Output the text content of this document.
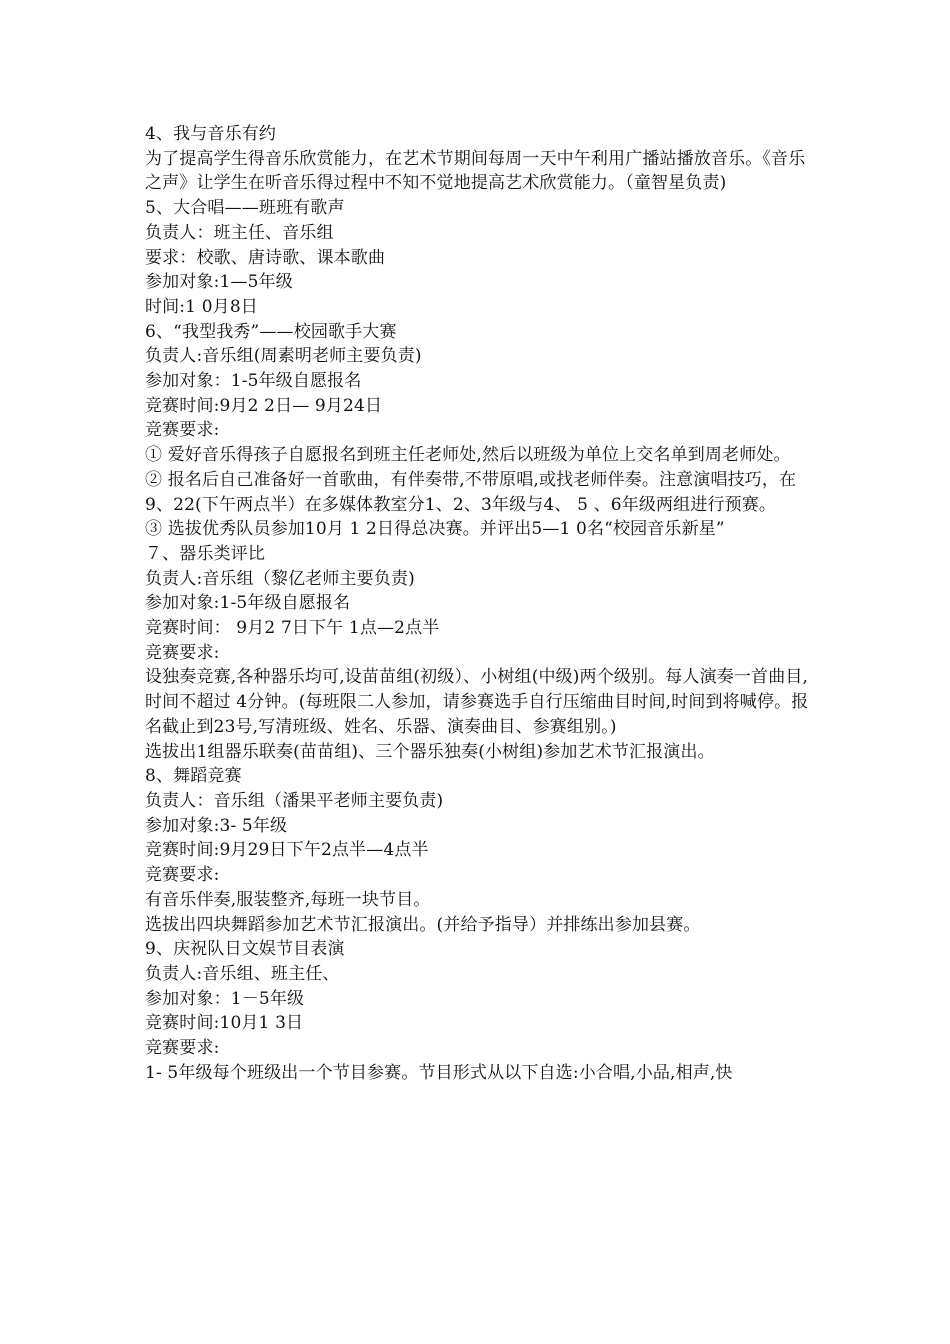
4、我与音乐有约

为了提高学生得音乐欣赏能力，在艺术节期间每周一天中午利用广播站播放音乐。《音乐之声》让学生在听音乐得过程中不知不觉地提高艺术欣赏能力。（童智星负责)

5、大合唱——班班有歌声

负责人：班主任、音乐组

要求：校歌、唐诗歌、课本歌曲

参加对象:1—5年级

时间:1 0月8日

6、“我型我秀”——校园歌手大赛

负责人:音乐组(周素明老师主要负责)

参加对象：1-5年级自愿报名

竞赛时间:9月2 2日— 9月24日

竞赛要求:

① 爱好音乐得孩子自愿报名到班主任老师处,然后以班级为单位上交名单到周老师处。

② 报名后自己准备好一首歌曲，有伴奏带,不带原唱,或找老师伴奏。注意演唱技巧，在9、22(下午两点半）在多媒体教室分1、2、3年级与4、 5 、6年级两组进行预赛。

③ 选拔优秀队员参加10月 1 2日得总决赛。并评出5—1 0名“校园音乐新星”

７、器乐类评比

负责人:音乐组（黎亿老师主要负责)

参加对象:1-5年级自愿报名

竞赛时间： 9月2 7日下午 1点—2点半

竞赛要求:

设独奏竞赛,各种器乐均可,设苗苗组(初级）、小树组(中级)两个级别。每人演奏一首曲目,时间不超过 4分钟。(每班限二人参加，请参赛选手自行压缩曲目时间,时间到将喊停。报名截止到23号,写清班级、姓名、乐器、演奏曲目、参赛组别。)

选拔出1组器乐联奏(苗苗组)、三个器乐独奏(小树组)参加艺术节汇报演出。

8、舞蹈竞赛

负责人：音乐组（潘果平老师主要负责)

参加对象:3- 5年级

竞赛时间:9月29日下午2点半—4点半

竞赛要求:

有音乐伴奏,服装整齐,每班一块节目。

选拔出四块舞蹈参加艺术节汇报演出。(并给予指导）并排练出参加县赛。

9、庆祝队日文娱节目表演

负责人:音乐组、班主任、

参加对象：1－5年级

竞赛时间:10月1 3日

竞赛要求:

1- 5年级每个班级出一个节目参赛。节目形式从以下自选:小合唱,小品,相声,快
